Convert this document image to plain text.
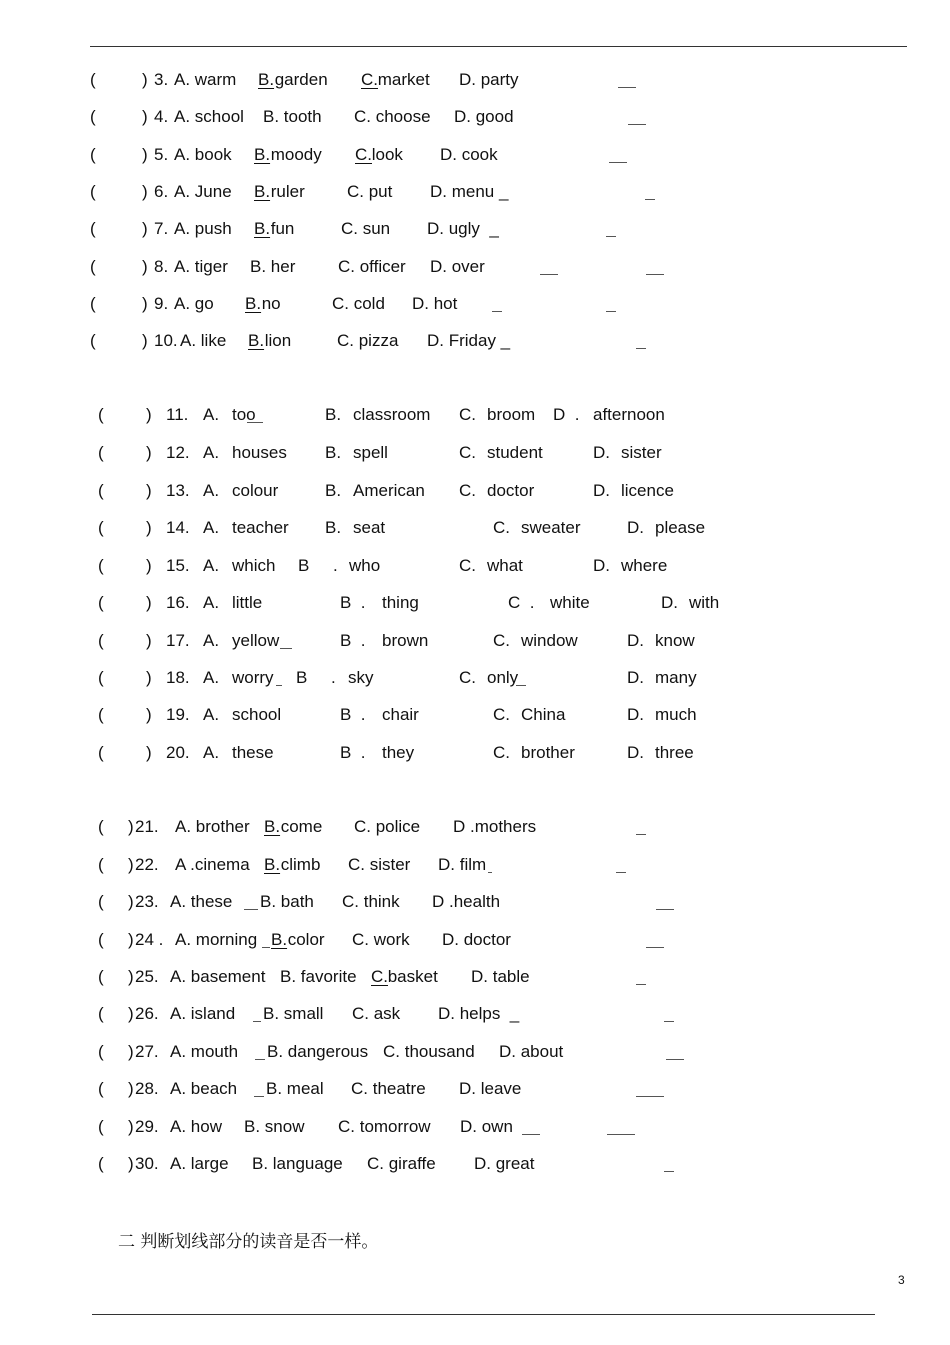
(	) 3. A. warm B.
garden C.
market D. party
(	) 4. A. school B. tooth C. choose D. good
(	) 5. A. book B.
moody C.
look D. cook
(	) 6. A. June B.
ruler C. put D. menu _
(	) 7. A. push B.
fun	C. sun D. ugly  _
(	) 8. A. tiger B. her	C. officer D. over
(	) 9. A. go B.
no	C. cold D. hot
(	) 10. A. like B.
lion	C. pizza D. Friday _
( ) 11. A. too	B. classroom C. broom D  . afternoon
( ) 12. A. houses B. spell	C. student	D. sister
( ) 13. A. colour	B. American C. doctor	D. licence
( ) 14. A. teacher B. seat	C. sweater	D. please
( ) 15. A. which B     . who	C. what	D. where
( ) 16. A. little	B  . thing	C  . white	D. with
( ) 17. A. yellow	B  . brown	C. window	D. know
( ) 18. A. worry B     . sky	C. only	D. many
( ) 19. A. school	B  . chair	C. China	D. much
( ) 20. A. these	B  . they	C. brother	D. three
( ) 21. A. brother B.
come C. police D .mothers
( ) 22. A .cinema B.
climb C. sister D. film
( ) 23. A. these B. bath C. think D .health
( ) 24 . A. morning B.
color C. work D. doctor
( ) 25. A. basement B. favorite C.
basket D. table
( ) 26. A. island B. small C. ask D. helps  _
( ) 27. A. mouth B. dangerous C. thousand D. about
( ) 28. A. beach B. meal C. theatre D. leave
( ) 29. A. how B. snow C. tomorrow D. own
( ) 30. A. large B. language C. giraffe D. great
二 判断划线部分的读音是否一样。
3
